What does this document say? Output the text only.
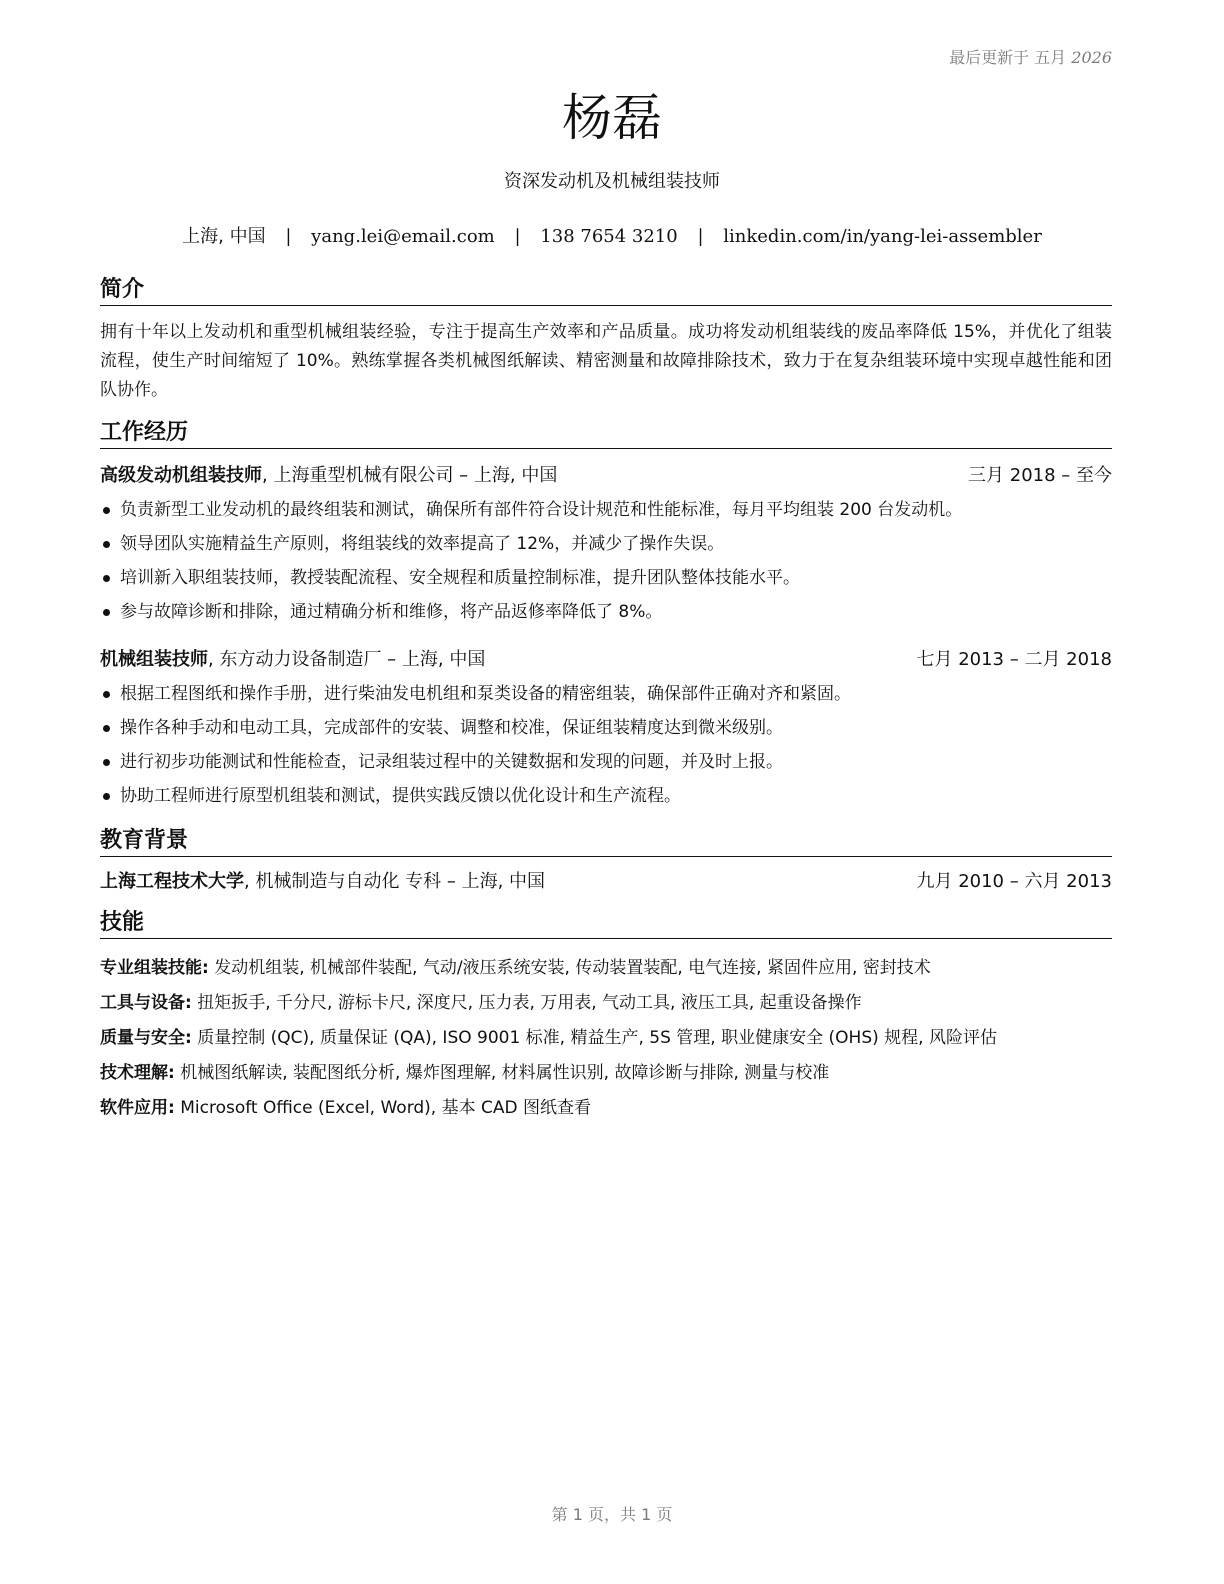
最后更新于 五月 2026
杨磊
资深发动机及机械组装技师
上海, 中国 | yang.lei@email.com | 138 7654 3210 | linkedin.com/in/yang-lei-assembler
简介

拥有十年以上发动机和重型机械组装经验，专注于提高生产效率和产品质量。成功将发动机组装线的废品率降低 15%，并优化了组装流程，使生产时间缩短了 10%。熟练掌握各类机械图纸解读、精密测量和故障排除技术，致力于在复杂组装环境中实现卓越性能和团队协作。

工作经历
高级发动机组装技师, 上海重型机械有限公司 – 上海, 中国	三月 2018 – 至今
负责新型工业发动机的最终组装和测试，确保所有部件符合设计规范和性能标准，每月平均组装 200 台发动机。
领导团队实施精益生产原则，将组装线的效率提高了 12%，并减少了操作失误。
培训新入职组装技师，教授装配流程、安全规程和质量控制标准，提升团队整体技能水平。
参与故障诊断和排除，通过精确分析和维修，将产品返修率降低了 8%。
机械组装技师, 东方动力设备制造厂 – 上海, 中国	七月 2013 – 二月 2018
根据工程图纸和操作手册，进行柴油发电机组和泵类设备的精密组装，确保部件正确对齐和紧固。
操作各种手动和电动工具，完成部件的安装、调整和校准，保证组装精度达到微米级别。
进行初步功能测试和性能检查，记录组装过程中的关键数据和发现的问题，并及时上报。
协助工程师进行原型机组装和测试，提供实践反馈以优化设计和生产流程。
教育背景
上海工程技术大学, 机械制造与自动化 专科 – 上海, 中国	九月 2010 – 六月 2013
技能
专业组装技能: 发动机组装, 机械部件装配, 气动/液压系统安装, 传动装置装配, 电气连接, 紧固件应用, 密封技术
工具与设备: 扭矩扳手, 千分尺, 游标卡尺, 深度尺, 压力表, 万用表, 气动工具, 液压工具, 起重设备操作
质量与安全: 质量控制 (QC), 质量保证 (QA), ISO 9001 标准, 精益生产, 5S 管理, 职业健康安全 (OHS) 规程, 风险评估
技术理解: 机械图纸解读, 装配图纸分析, 爆炸图理解, 材料属性识别, 故障诊断与排除, 测量与校准
软件应用: Microsoft Office (Excel, Word), 基本 CAD 图纸查看
第 1 页，共 1 页
